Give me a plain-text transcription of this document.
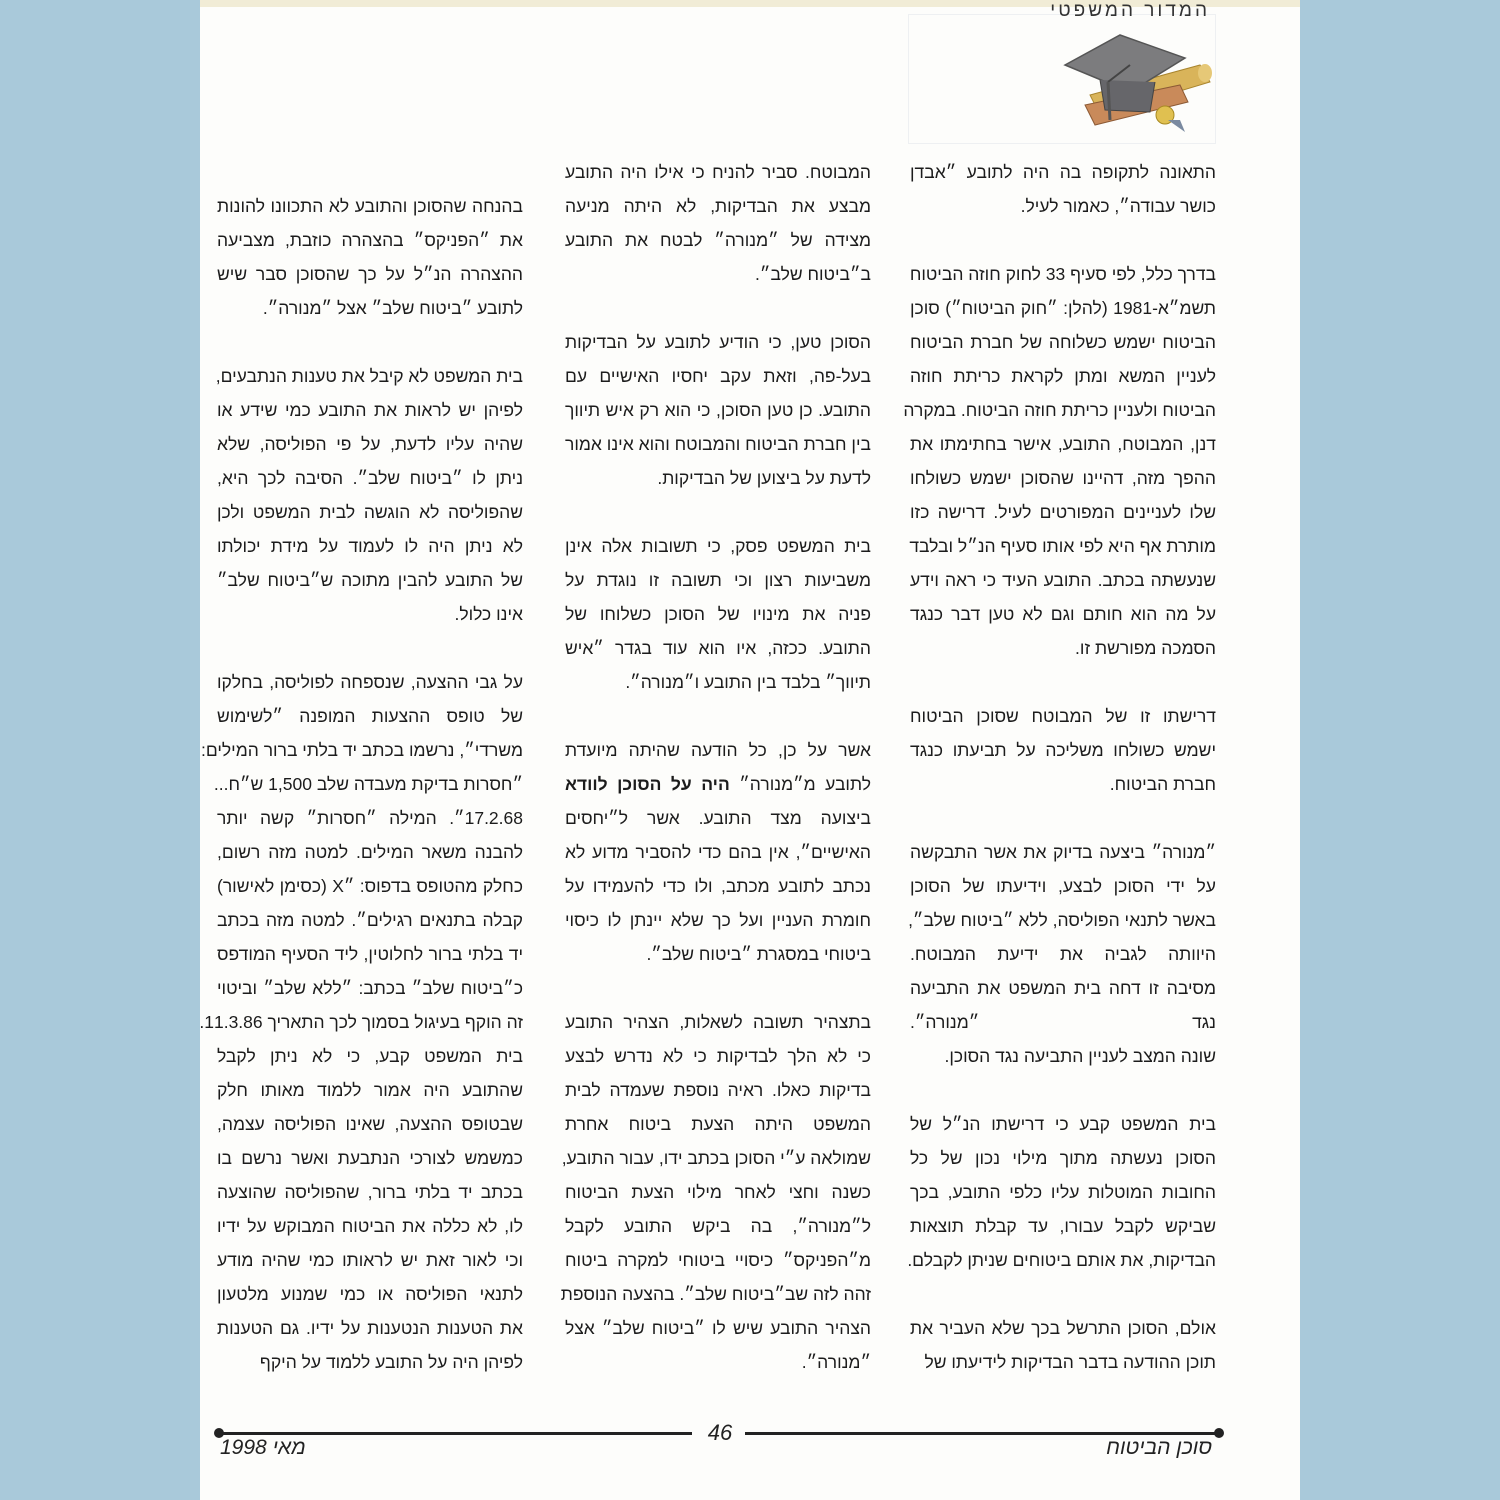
המדור המשפטי
התאונה לתקופה בה היה לתובע ״אבדן
כושר עבודה״, כאמור לעיל.
בדרך כלל, לפי סעיף 33 לחוק חוזה הביטוח
תשמ״א-1981 (להלן: ״חוק הביטוח״) סוכן
הביטוח ישמש כשלוחה של חברת הביטוח
לעניין המשא ומתן לקראת כריתת חוזה
הביטוח ולעניין כריתת חוזה הביטוח. במקרה
דנן, המבוטח, התובע, אישר בחתימתו את
ההפך מזה, דהיינו שהסוכן ישמש כשולחו
שלו לעניינים המפורטים לעיל. דרישה כזו
מותרת אף היא לפי אותו סעיף הנ״ל ובלבד
שנעשתה בכתב. התובע העיד כי ראה וידע
על מה הוא חותם וגם לא טען דבר כנגד
הסמכה מפורשת זו.
דרישתו זו של המבוטח שסוכן הביטוח
ישמש כשולחו משליכה על תביעתו כנגד
חברת הביטוח.
״מנורה״ ביצעה בדיוק את אשר התבקשה
על ידי הסוכן לבצע, וידיעתו של הסוכן
באשר לתנאי הפוליסה, ללא ״ביטוח שלב״,
היוותה לגביה את ידיעת המבוטח.
מסיבה זו דחה בית המשפט את התביעה
נגד ״מנורה״.
שונה המצב לעניין התביעה נגד הסוכן.
בית המשפט קבע כי דרישתו הנ״ל של
הסוכן נעשתה מתוך מילוי נכון של כל
החובות המוטלות עליו כלפי התובע, בכך
שביקש לקבל עבורו, עד קבלת תוצאות
הבדיקות, את אותם ביטוחים שניתן לקבלם.
אולם, הסוכן התרשל בכך שלא העביר את
תוכן ההודעה בדבר הבדיקות לידיעתו של
המבוטח. סביר להניח כי אילו היה התובע
מבצע את הבדיקות, לא היתה מניעה
מצידה של ״מנורה״ לבטח את התובע
ב״ביטוח שלב״.
הסוכן טען, כי הודיע לתובע על הבדיקות
בעל-פה, וזאת עקב יחסיו האישיים עם
התובע. כן טען הסוכן, כי הוא רק איש תיווך
בין חברת הביטוח והמבוטח והוא אינו אמור
לדעת על ביצוען של הבדיקות.
בית המשפט פסק, כי תשובות אלה אינן
משביעות רצון וכי תשובה זו נוגדת על
פניה את מינויו של הסוכן כשלוחו של
התובע. ככזה, איו הוא עוד בגדר ״איש
תיווך״ בלבד בין התובע ו״מנורה״.
אשר על כן, כל הודעה שהיתה מיועדת
לתובע מ״מנורה״ היה על הסוכן לוודא
ביצועה מצד התובע. אשר ל״יחסים
האישיים״, אין בהם כדי להסביר מדוע לא
נכתב לתובע מכתב, ולו כדי להעמידו על
חומרת העניין ועל כך שלא יינתן לו כיסוי
ביטוחי במסגרת ״ביטוח שלב״.
בתצהיר תשובה לשאלות, הצהיר התובע
כי לא הלך לבדיקות כי לא נדרש לבצע
בדיקות כאלו. ראיה נוספת שעמדה לבית
המשפט היתה הצעת ביטוח אחרת
שמולאה ע״י הסוכן בכתב ידו, עבור התובע,
כשנה וחצי לאחר מילוי הצעת הביטוח
ל״מנורה״, בה ביקש התובע לקבל
מ״הפניקס״ כיסויי ביטוחי למקרה ביטוח
זהה לזה שב״ביטוח שלב״. בהצעה הנוספת
הצהיר התובע שיש לו ״ביטוח שלב״ אצל
״מנורה״.
בהנחה שהסוכן והתובע לא התכוונו להונות
את ״הפניקס״ בהצהרה כוזבת, מצביעה
ההצהרה הנ״ל על כך שהסוכן סבר שיש
לתובע ״ביטוח שלב״ אצל ״מנורה״.
בית המשפט לא קיבל את טענות הנתבעים,
לפיהן יש לראות את התובע כמי שידע או
שהיה עליו לדעת, על פי הפוליסה, שלא
ניתן לו ״ביטוח שלב״. הסיבה לכך היא,
שהפוליסה לא הוגשה לבית המשפט ולכן
לא ניתן היה לו לעמוד על מידת יכולתו
של התובע להבין מתוכה ש״ביטוח שלב״
אינו כלול.
על גבי ההצעה, שנספחה לפוליסה, בחלקו
של טופס ההצעות המופנה ״לשימוש
משרדי״, נרשמו בכתב יד בלתי ברור המילים:
״חסרות בדיקת מעבדה שלב 1,500 ש״ח...
17.2.68״. המילה ״חסרות״ קשה יותר
להבנה משאר המילים. למטה מזה רשום,
כחלק מהטופס בדפוס: ״X (כסימן לאישור)
קבלה בתנאים רגילים״. למטה מזה בכתב
יד בלתי ברור לחלוטין, ליד הסעיף המודפס
כ״ביטוח שלב״ בכתב: ״ללא שלב״ וביטוי
זה הוקף בעיגול בסמוך לכך התאריך 11.3.86.
בית המשפט קבע, כי לא ניתן לקבל
שהתובע היה אמור ללמוד מאותו חלק
שבטופס ההצעה, שאינו הפוליסה עצמה,
כמשמש לצורכי הנתבעת ואשר נרשם בו
בכתב יד בלתי ברור, שהפוליסה שהוצעה
לו, לא כללה את הביטוח המבוקש על ידיו
וכי לאור זאת יש לראותו כמי שהיה מודע
לתנאי הפוליסה או כמי שמנוע מלטעון
את הטענות הנטענות על ידיו. גם הטענות
לפיהן היה על התובע ללמוד על היקף
46
סוכן הביטוח
מאי 1998
